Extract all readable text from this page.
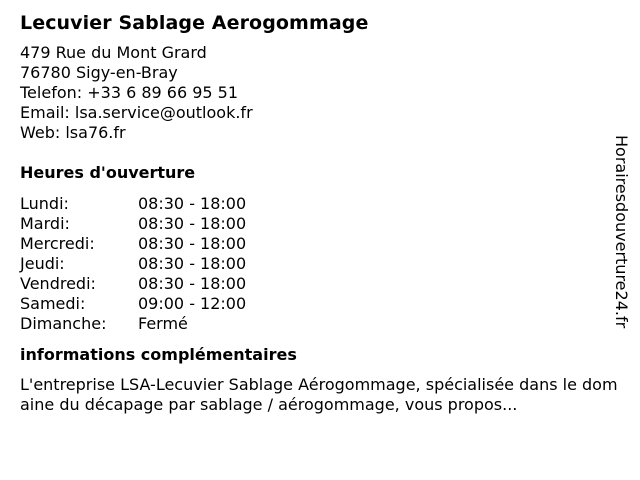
Lecuvier Sablage Aerogommage
479 Rue du Mont Grard
76780 Sigy-en-Bray
Telefon: +33 6 89 66 95 51
Email: lsa.service@outlook.fr
Web: lsa76.fr
Heures d'ouverture
Lundi:	08:30 - 18:00
Mardi:	08:30 - 18:00
Mercredi:	08:30 - 18:00
Jeudi:	08:30 - 18:00
Vendredi:	08:30 - 18:00
Samedi:	09:00 - 12:00
Dimanche:	Fermé
informations complémentaires
L'entreprise LSA-Lecuvier Sablage Aérogommage, spécialisée dans le domaine du décapage par sablage / aérogommage, vous propos...
Horairesdouverture24.fr
